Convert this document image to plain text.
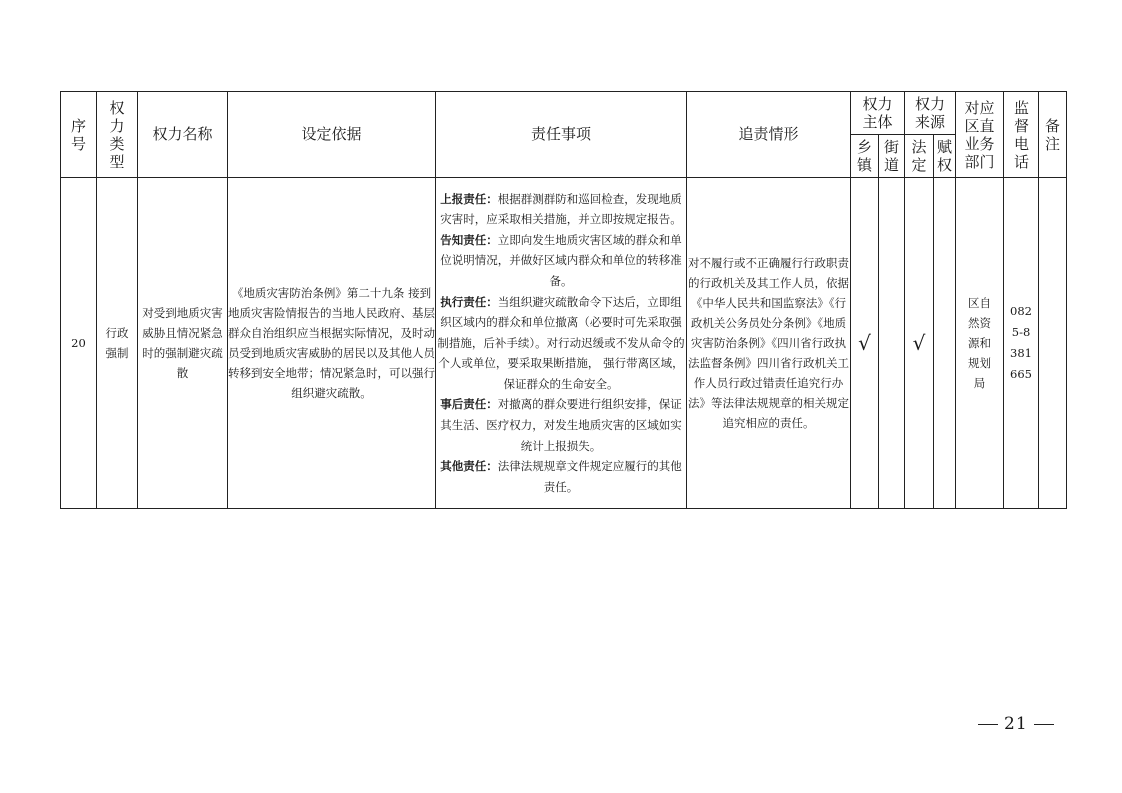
序号	权力类型	权力名称	设定依据	责任事项	追责情形	权力主体		权力来源		对应区直业务部门	监督电话	备注
						乡镇	街道	法定	赋权			
20	行政强制	对受到地质灾害威胁且情况紧急时的强制避灾疏散	《地质灾害防治条例》第二十九条 接到地质灾害险情报告的当地人民政府、基层群众自治组织应当根据实际情况，及时动员受到地质灾害威胁的居民以及其他人员转移到安全地带；情况紧急时，可以强行组织避灾疏散。	上报责任：根据群测群防和巡回检查，发现地质灾害时，应采取相关措施，并立即按规定报告。

告知责任：立即向发生地质灾害区域的群众和单位说明情况，并做好区域内群众和单位的转移准备。

执行责任：当组织避灾疏散命令下达后，立即组织区域内的群众和单位撤离（必要时可先采取强制措施，后补手续）。对行动迟缓或不发从命令的个人或单位，要采取果断措施， 强行带离区域，保证群众的生命安全。

事后责任：对撤离的群众要进行组织安排，保证其生活、医疗权力，对发生地质灾害的区域如实统计上报损失。

其他责任：法律法规规章文件规定应履行的其他责任。	对不履行或不正确履行行政职责的行政机关及其工作人员，依据《中华人民共和国监察法》《行政机关公务员处分条例》《地质灾害防治条例》《四川省行政执法监督条例》四川省行政机关工作人员行政过错责任追究行办法》等法律法规规章的相关规定追究相应的责任。	√		√		区自然资源和规划局	0825-8381665	
21
